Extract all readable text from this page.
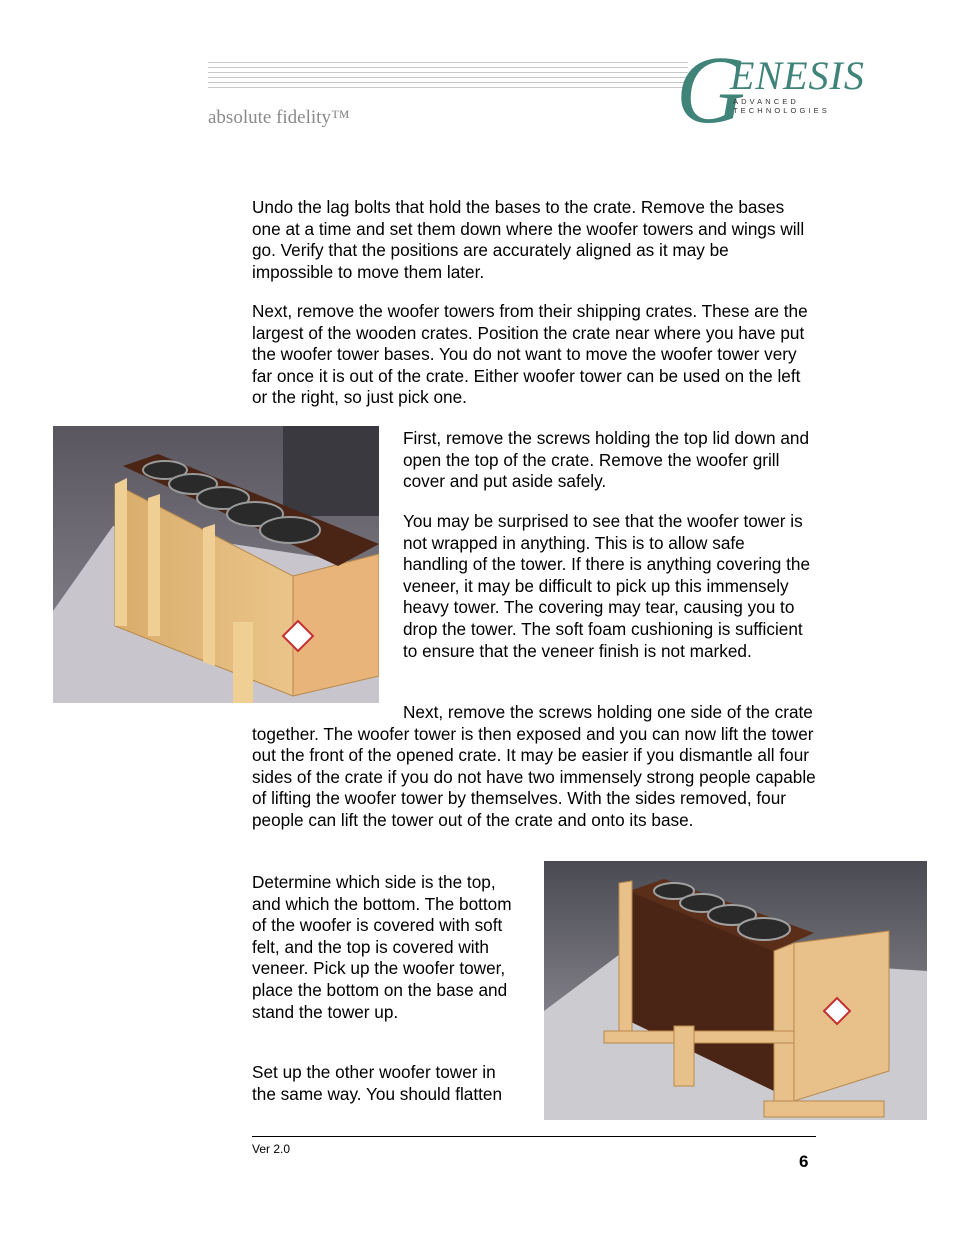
absolute fidelity™	G
ENESIS
ADVANCED TECHNOLOGIES

Undo the lag bolts that hold the bases to the crate. Remove the bases one at a time and set them down where the woofer towers and wings will go. Verify that the positions are accurately aligned as it may be impossible to move them later.

Next, remove the woofer towers from their shipping crates. These are the largest of the wooden crates. Position the crate near where you have put the woofer tower bases. You do not want to move the woofer tower very far once it is out of the crate. Either woofer tower can be used on the left or the right, so just pick one.

First, remove the screws holding the top lid down and open the top of the crate. Remove the woofer grill cover and put aside safely.

You may be surprised to see that the woofer tower is not wrapped in anything. This is to allow safe handling of the tower. If there is anything covering the veneer, it may be difficult to pick up this immensely heavy tower. The covering may tear, causing you to drop the tower. The soft foam cushioning is sufficient to ensure that the veneer finish is not marked.

Next, remove the screws holding one side of the crate together. The woofer tower is then exposed and you can now lift the tower out the front of the opened crate. It may be easier if you dismantle all four sides of the crate if you do not have two immensely strong people capable of lifting the woofer tower by themselves. With the sides removed, four people can lift the tower out of the crate and onto its base.

Determine which side is the top, and which the bottom. The bottom of the woofer is covered with soft felt, and the top is covered with veneer. Pick up the woofer tower, place the bottom on the base and stand the tower up.

Set up the other woofer tower in the same way. You should flatten

Ver 2.0
6
